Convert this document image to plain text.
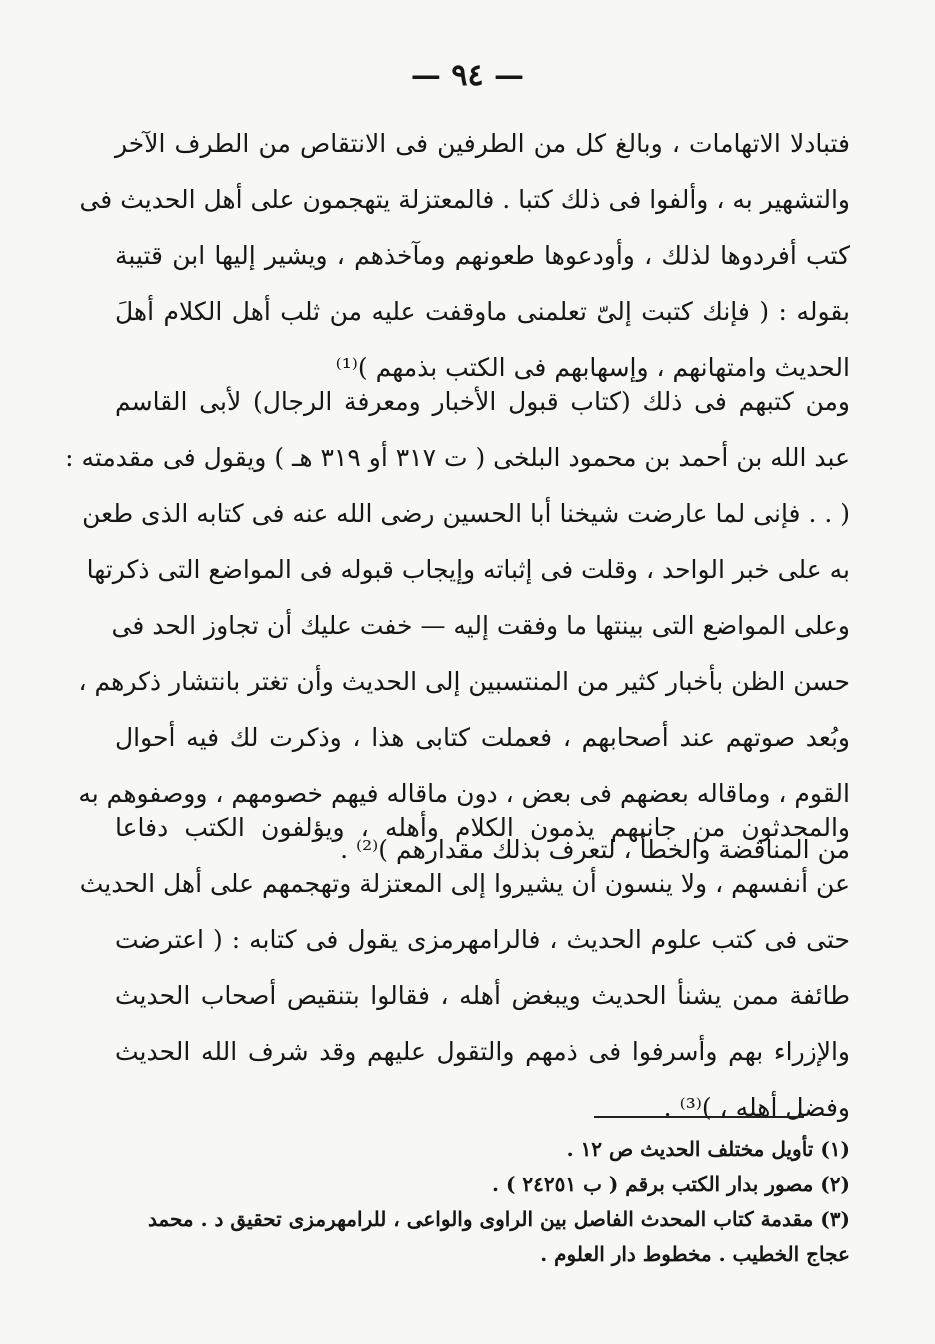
— ٩٤ —
فتبادلا الاتهامات ، وبالغ كل من الطرفين فى الانتقاص من الطرف الآخر
والتشهير به ، وألفوا فى ذلك كتبا . فالمعتزلة يتهجمون على أهل الحديث فى
كتب أفردوها لذلك ، وأودعوها طعونهم ومآخذهم ، ويشير إليها ابن قتيبة
بقوله : ( فإنك كتبت إلىّ تعلمنى ماوقفت عليه من ثلب أهل الكلام أهلَ
الحديث وامتهانهم ، وإسهابهم فى الكتب بذمهم )⁽¹⁾
ومن كتبهم فى ذلك (كتاب قبول الأخبار ومعرفة الرجال) لأبى القاسم
عبد الله بن أحمد بن محمود البلخى ( ت ٣١٧ أو ٣١٩ هـ ) ويقول فى مقدمته :
( . . فإنى لما عارضت شيخنا أبا الحسين رضى الله عنه فى كتابه الذى طعن
به على خبر الواحد ، وقلت فى إثباته وإيجاب قبوله فى المواضع التى ذكرتها
وعلى المواضع التى بينتها ما وفقت إليه — خفت عليك أن تجاوز الحد فى
حسن الظن بأخبار كثير من المنتسبين إلى الحديث وأن تغتر بانتشار ذكرهم ،
وبُعد صوتهم عند أصحابهم ، فعملت كتابى هذا ، وذكرت لك فيه أحوال
القوم ، وماقاله بعضهم فى بعض ، دون ماقاله فيهم خصومهم ، ووصفوهم به
من المناقضة والخطأ ، لتعرف بذلك مقدارهم )⁽²⁾ .
والمحدثون من جانبهم يذمون الكلام وأهله ، ويؤلفون الكتب دفاعا
عن أنفسهم ، ولا ينسون أن يشيروا إلى المعتزلة وتهجمهم على أهل الحديث
حتى فى كتب علوم الحديث ، فالرامهرمزى يقول فى كتابه : ( اعترضت
طائفة ممن يشنأ الحديث ويبغض أهله ، فقالوا بتنقيص أصحاب الحديث
والإزراء بهم وأسرفوا فى ذمهم والتقول عليهم وقد شرف الله الحديث
وفضل أهله ، )⁽³⁾ .
(١) تأويل مختلف الحديث ص ١٢ .
(٢) مصور بدار الكتب برقم ( ب ٢٤٢٥١ ) .
(٣) مقدمة كتاب المحدث الفاصل بين الراوى والواعى ، للرامهرمزى تحقيق د . محمد
عجاج الخطيب . مخطوط دار العلوم .
